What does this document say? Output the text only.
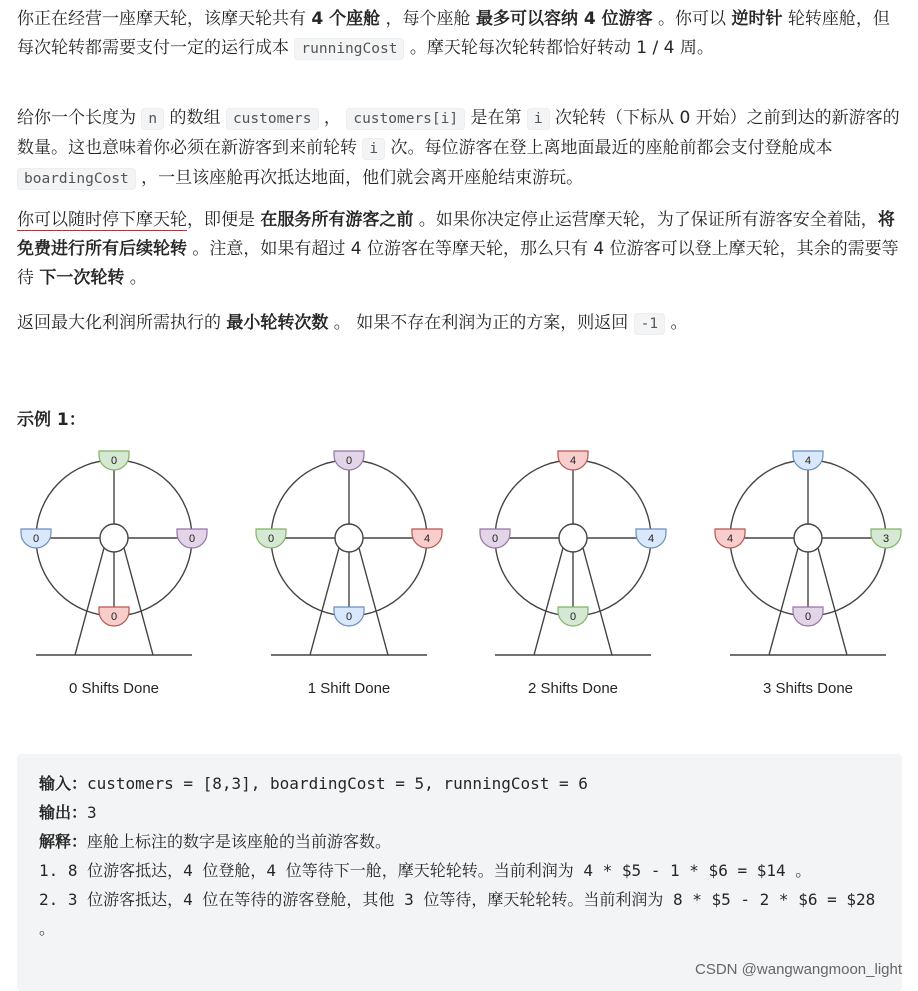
你正在经营一座摩天轮，该摩天轮共有 4 个座舱 ，每个座舱 最多可以容纳 4 位游客 。你可以 逆时针 轮转座舱，但每次轮转都需要支付一定的运行成本 runningCost 。摩天轮每次轮转都恰好转动 1 / 4 周。

给你一个长度为 n 的数组 customers ， customers[i] 是在第 i 次轮转（下标从 0 开始）之前到达的新游客的数量。这也意味着你必须在新游客到来前轮转 i 次。每位游客在登上离地面最近的座舱前都会支付登舱成本 boardingCost ，一旦该座舱再次抵达地面，他们就会离开座舱结束游玩。

你可以随时停下摩天轮，即便是 在服务所有游客之前 。如果你决定停止运营摩天轮，为了保证所有游客安全着陆，将免费进行所有后续轮转 。注意，如果有超过 4 位游客在等摩天轮，那么只有 4 位游客可以登上摩天轮，其余的需要等待 下一次轮转 。

返回最大化利润所需执行的 最小轮转次数 。 如果不存在利润为正的方案，则返回 -1 。

示例 1：
0
0
0
0
0
4
0
0
4
4
0
0
4
3
0
4
0 Shifts Done	1 Shift Done	2 Shifts Done	3 Shifts Done
输入：customers = [8,3], boardingCost = 5, runningCost = 6
输出：3
解释：座舱上标注的数字是该座舱的当前游客数。
1. 8 位游客抵达，4 位登舱，4 位等待下一舱，摩天轮轮转。当前利润为 4 * $5 - 1 * $6 = $14 。
2. 3 位游客抵达，4 位在等待的游客登舱，其他 3 位等待，摩天轮轮转。当前利润为 8 * $5 - 2 * $6 = $28 。
CSDN @wangwangmoon_light
